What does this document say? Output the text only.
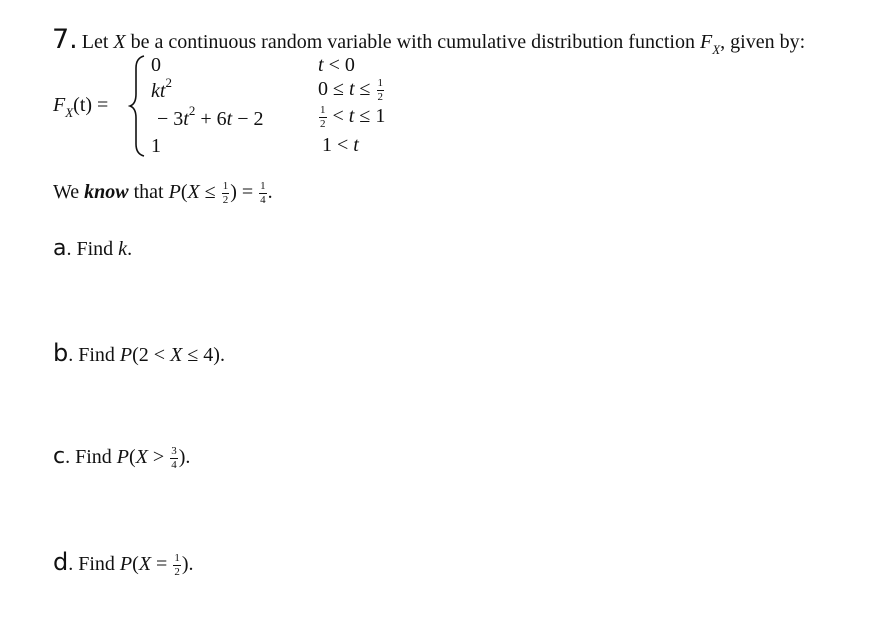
7. Let X be a continuous random variable with cumulative distribution function $F_X$, given by:
$F_X(t)$ =
0
$kt^2$
− $3t^2 + 6t - 2$
1
t < 0
$0 \le t \le \frac{1}{2}$
$\frac{1}{2} < t \le 1$
1 < t
We know that $P(X \le \frac{1}{2}$ ) = $\frac{1}{4}$ .
a. Find k.
b. Find P(2 < X ≤ 4).
c. Find $P(X > \frac{3}{4}$ ).
d. Find $P(X = \frac{1}{2}$ ).
